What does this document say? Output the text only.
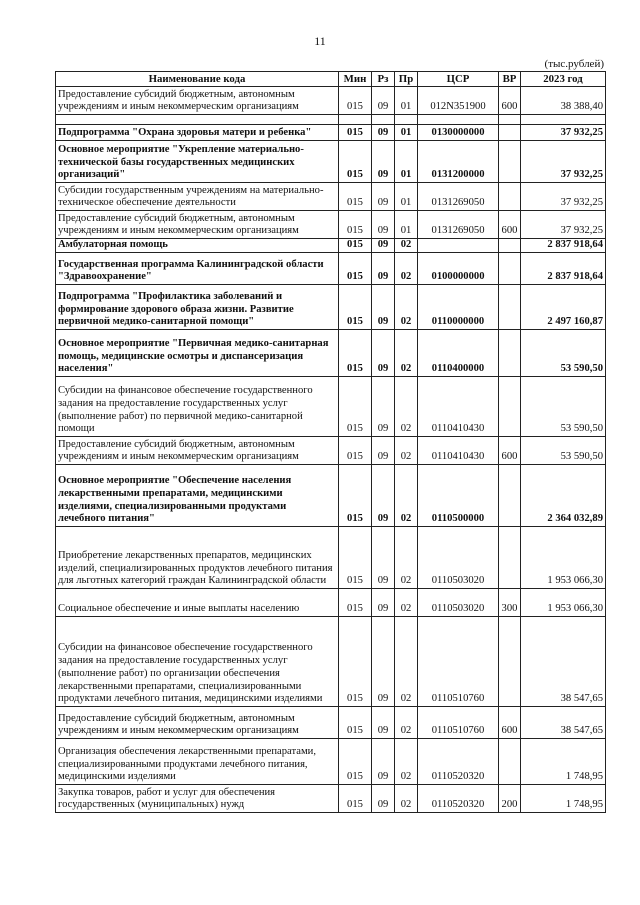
11
(тыс.рублей)
Наименование кода	Мин	Рз	Пр	ЦСР	ВР	2023 год
Предоставление субсидий бюджетным, автономным учреждениям и иным некоммерческим организациям	015	09	01	012N351900	600	38 388,40

Подпрограмма "Охрана здоровья матери и ребенка"	015	09	01	0130000000		37 932,25
Основное мероприятие "Укрепление материально-технической базы государственных медицинских организаций"	015	09	01	0131200000		37 932,25
Субсидии государственным учреждениям на материально-техническое обеспечение деятельности	015	09	01	0131269050		37 932,25
Предоставление субсидий бюджетным, автономным учреждениям и иным некоммерческим организациям	015	09	01	0131269050	600	37 932,25
Амбулаторная помощь	015	09	02			2 837 918,64
Государственная программа Калининградской области "Здравоохранение"	015	09	02	0100000000		2 837 918,64
Подпрограмма "Профилактика заболеваний и формирование здорового образа жизни. Развитие первичной медико-санитарной помощи"	015	09	02	0110000000		2 497 160,87
Основное мероприятие "Первичная медико-санитарная помощь, медицинские осмотры и диспансеризация населения"	015	09	02	0110400000		53 590,50
Субсидии на финансовое обеспечение государственного задания на предоставление государственных услуг (выполнение работ) по первичной медико-санитарной помощи	015	09	02	0110410430		53 590,50
Предоставление субсидий бюджетным, автономным учреждениям и иным некоммерческим организациям	015	09	02	0110410430	600	53 590,50
Основное мероприятие "Обеспечение населения лекарственными препаратами, медицинскими изделиями, специализированными продуктами лечебного питания"	015	09	02	0110500000		2 364 032,89
Приобретение лекарственных препаратов, медицинских изделий, специализированных продуктов лечебного питания для льготных категорий граждан Калининградской области	015	09	02	0110503020		1 953 066,30
Социальное обеспечение и иные выплаты населению	015	09	02	0110503020	300	1 953 066,30
Субсидии на финансовое обеспечение государственного задания на предоставление государственных услуг (выполнение работ) по организации обеспечения лекарственными препаратами, специализированными продуктами лечебного питания, медицинскими изделиями	015	09	02	0110510760		38 547,65
Предоставление субсидий бюджетным, автономным учреждениям и иным некоммерческим организациям	015	09	02	0110510760	600	38 547,65
Организация обеспечения лекарственными препаратами, специализированными продуктами лечебного питания, медицинскими изделиями	015	09	02	0110520320		1 748,95
Закупка товаров, работ и услуг для обеспечения государственных (муниципальных) нужд	015	09	02	0110520320	200	1 748,95
